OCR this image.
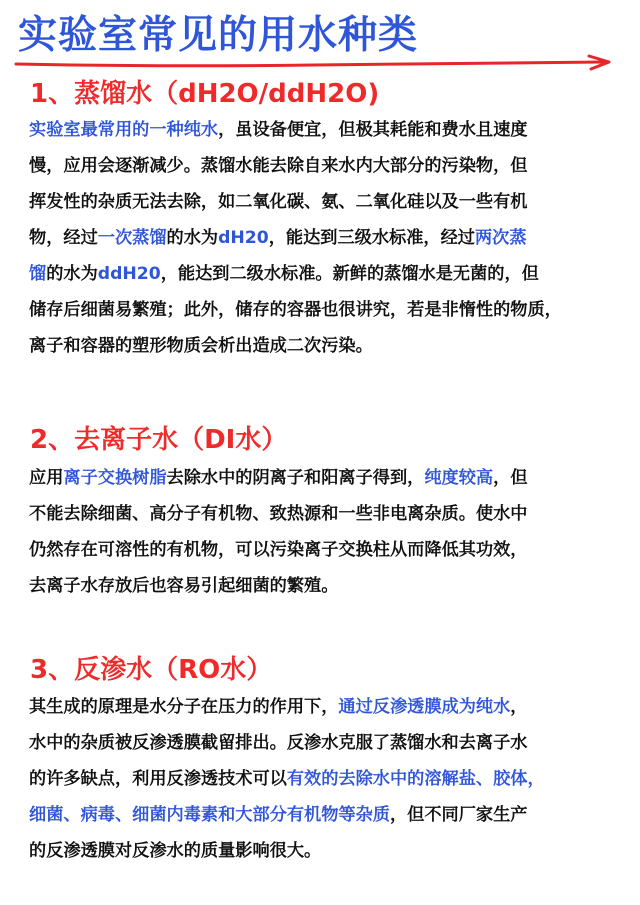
实验室常见的用水种类
1、蒸馏水（dH2O/ddH2O)
实验室最常用的一种纯水，虽设备便宜，但极其耗能和费水且速度
慢，应用会逐渐减少。蒸馏水能去除自来水内大部分的污染物，但
挥发性的杂质无法去除，如二氧化碳、氨、二氧化硅以及一些有机
物，经过一次蒸馏的水为dH20，能达到三级水标准，经过两次蒸
馏的水为ddH20，能达到二级水标准。新鲜的蒸馏水是无菌的，但
储存后细菌易繁殖；此外，储存的容器也很讲究，若是非惰性的物质，
离子和容器的塑形物质会析出造成二次污染。
2、去离子水（DI水）
应用离子交换树脂去除水中的阴离子和阳离子得到，纯度较高，但
不能去除细菌、高分子有机物、致热源和一些非电离杂质。使水中
仍然存在可溶性的有机物，可以污染离子交换柱从而降低其功效，
去离子水存放后也容易引起细菌的繁殖。
3、反渗水（RO水）
其生成的原理是水分子在压力的作用下，通过反渗透膜成为纯水，
水中的杂质被反渗透膜截留排出。反渗水克服了蒸馏水和去离子水
的许多缺点，利用反渗透技术可以有效的去除水中的溶解盐、胶体，
细菌、病毒、细菌内毒素和大部分有机物等杂质，但不同厂家生产
的反渗透膜对反渗水的质量影响很大。
